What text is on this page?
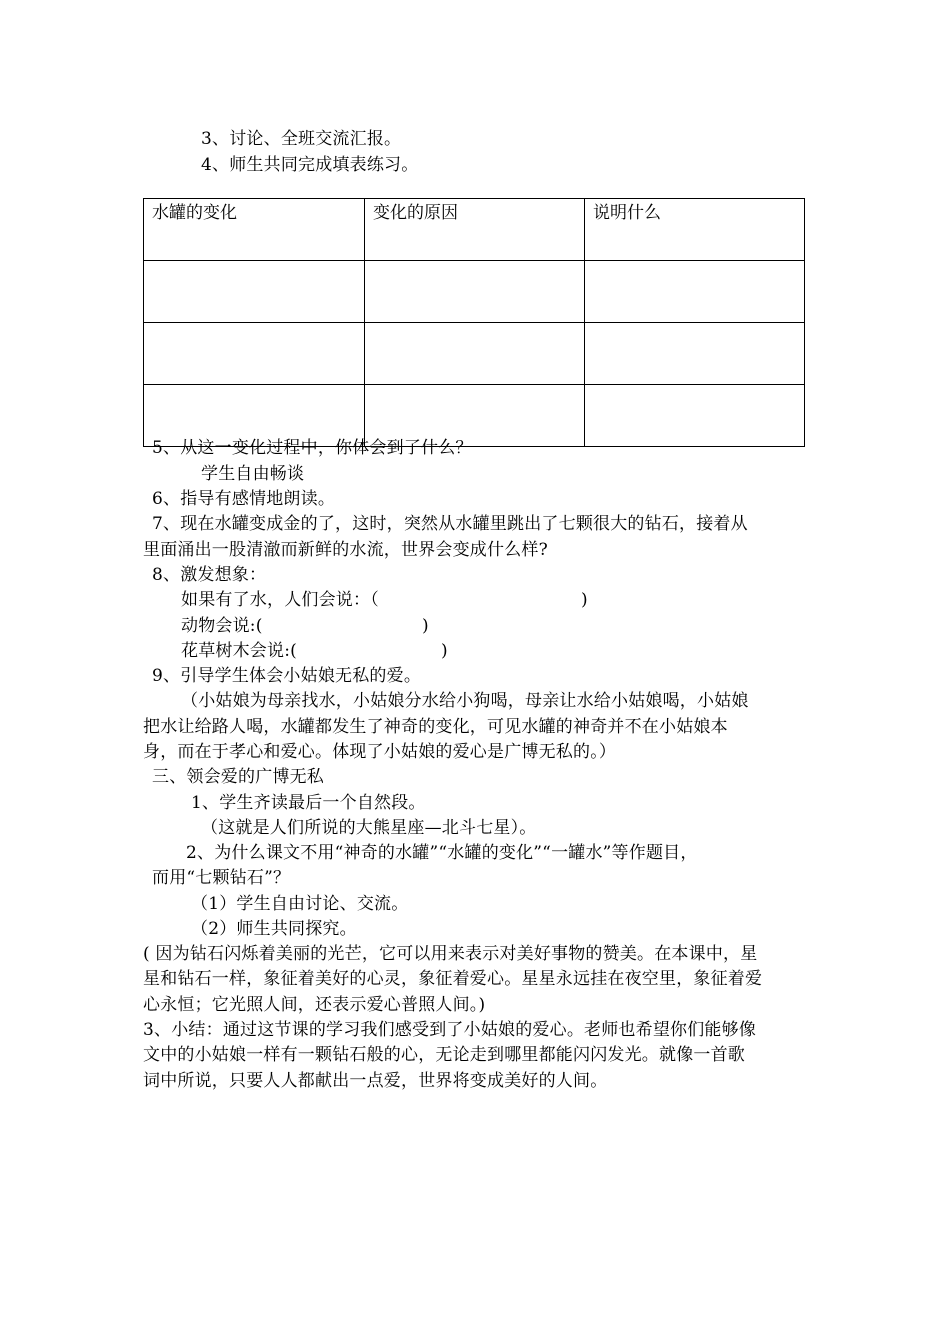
3、讨论、全班交流汇报。
4、师生共同完成填表练习。
水罐的变化	变化的原因	说明什么

5、从这一变化过程中，你体会到了什么？
学生自由畅谈
6、指导有感情地朗读。
7、现在水罐变成金的了，这时，突然从水罐里跳出了七颗很大的钻石，接着从
里面涌出一股清澈而新鲜的水流，世界会变成什么样?
8、激发想象：
如果有了水，人们会说：（	)
动物会说:(	)
花草树木会说:(	)
9、引导学生体会小姑娘无私的爱。
（小姑娘为母亲找水，小姑娘分水给小狗喝，母亲让水给小姑娘喝，小姑娘
把水让给路人喝，水罐都发生了神奇的变化，可见水罐的神奇并不在小姑娘本
身，而在于孝心和爱心。体现了小姑娘的爱心是广博无私的。）
三、领会爱的广博无私
1、学生齐读最后一个自然段。
（这就是人们所说的大熊星座—北斗七星）。
2、为什么课文不用“神奇的水罐”“水罐的变化”“一罐水”等作题目，
而用“七颗钻石”？
（1）学生自由讨论、交流。
（2）师生共同探究。
( 因为钻石闪烁着美丽的光芒，它可以用来表示对美好事物的赞美。在本课中，星
星和钻石一样，象征着美好的心灵，象征着爱心。星星永远挂在夜空里，象征着爱
心永恒；它光照人间，还表示爱心普照人间。)
3、小结：通过这节课的学习我们感受到了小姑娘的爱心。老师也希望你们能够像
文中的小姑娘一样有一颗钻石般的心，无论走到哪里都能闪闪发光。就像一首歌
词中所说，只要人人都献出一点爱，世界将变成美好的人间。
